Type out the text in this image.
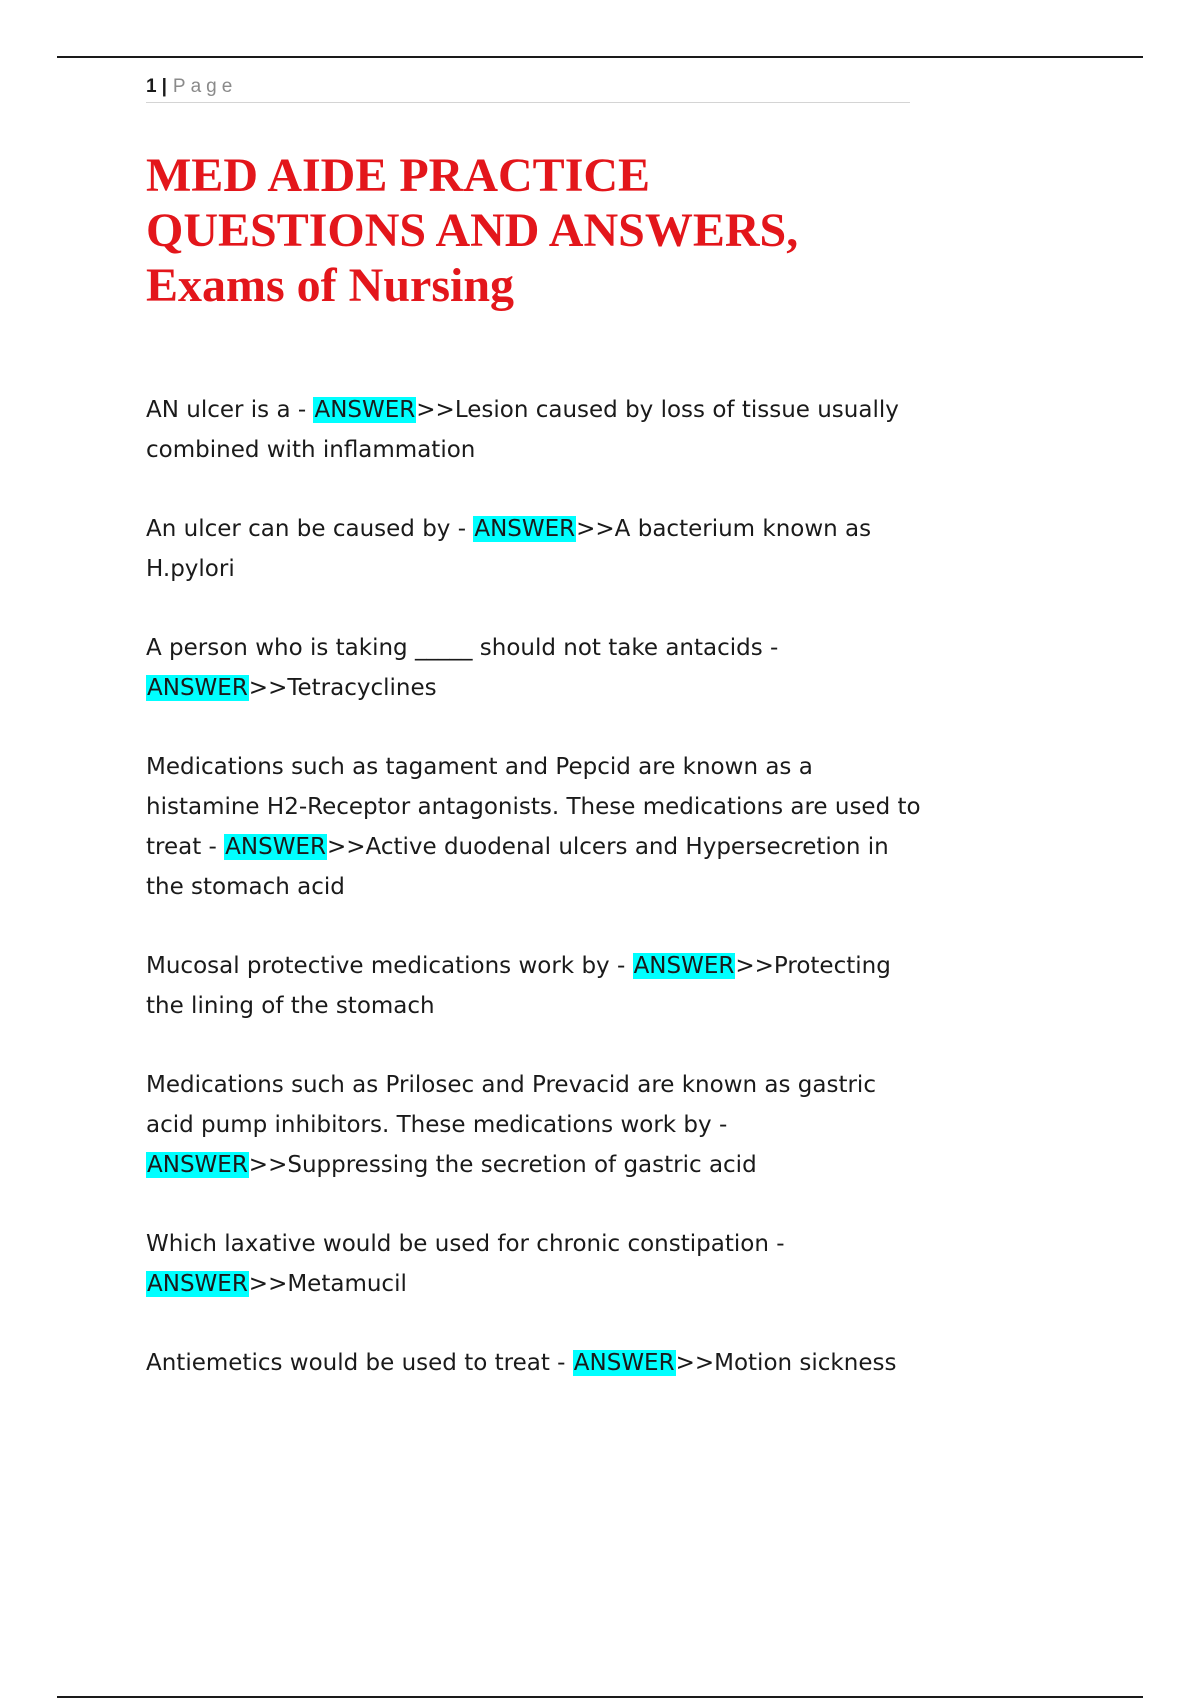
1 | Page
MED AIDE PRACTICE
QUESTIONS AND ANSWERS,
Exams of Nursing

AN ulcer is a - ANSWER>>Lesion caused by loss of tissue usually combined with inflammation

An ulcer can be caused by - ANSWER>>A bacterium known as H.pylori

A person who is taking _____ should not take antacids - ANSWER>>Tetracyclines

Medications such as tagament and Pepcid are known as a histamine H2-Receptor antagonists. These medications are used to treat - ANSWER>>Active duodenal ulcers and Hypersecretion in the stomach acid

Mucosal protective medications work by - ANSWER>>Protecting the lining of the stomach

Medications such as Prilosec and Prevacid are known as gastric acid pump inhibitors. These medications work by - ANSWER>>Suppressing the secretion of gastric acid

Which laxative would be used for chronic constipation - ANSWER>>Metamucil

Antiemetics would be used to treat - ANSWER>>Motion sickness
